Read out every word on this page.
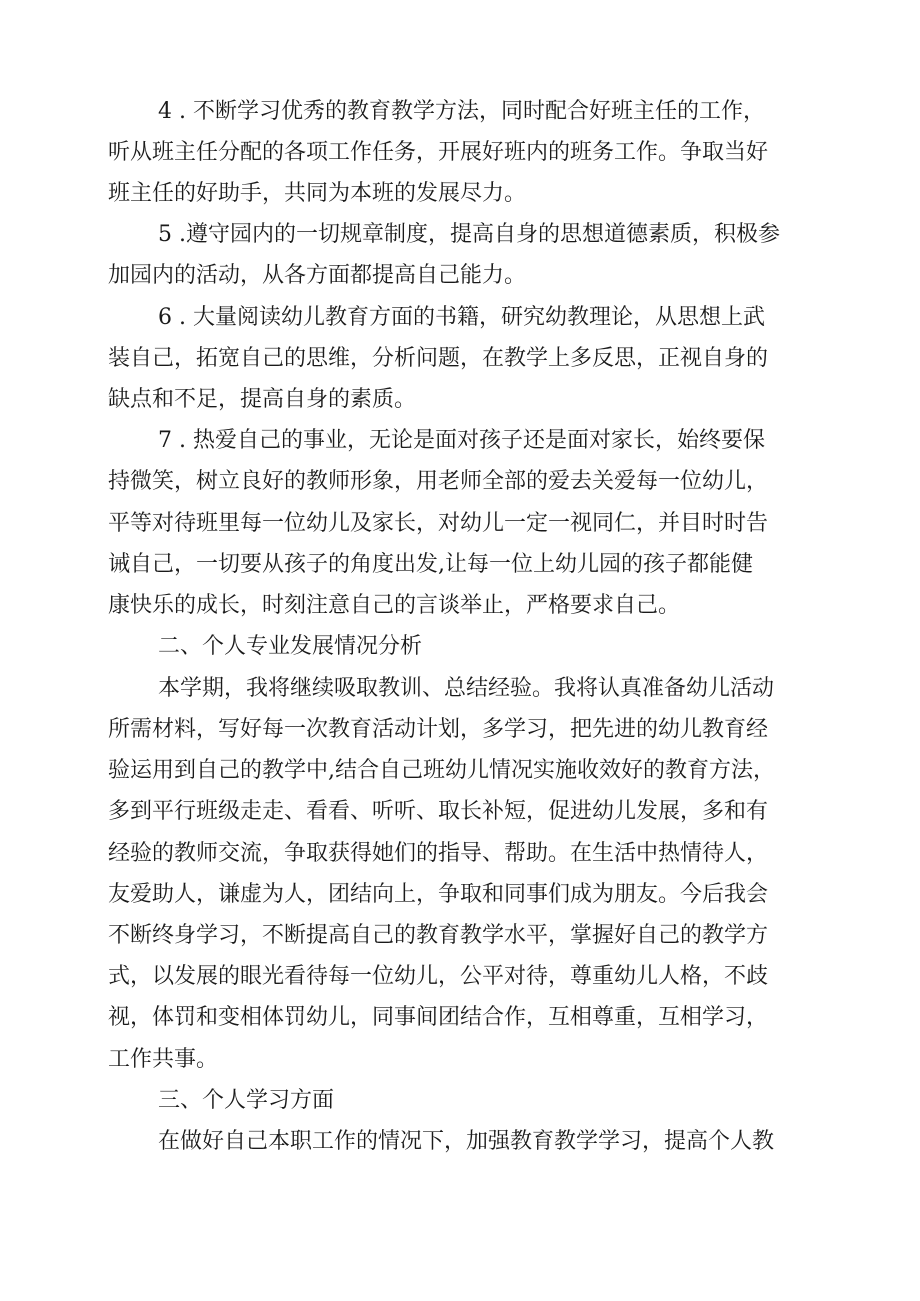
4 . 不断学习优秀的教育教学方法，同时配合好班主任的工作，
听从班主任分配的各项工作任务，开展好班内的班务工作。争取当好
班主任的好助手，共同为本班的发展尽力。
5 .遵守园内的一切规章制度，提高自身的思想道德素质，积极参
加园内的活动，从各方面都提高自己能力。
6 . 大量阅读幼儿教育方面的书籍，研究幼教理论，从思想上武
装自己，拓宽自己的思维，分析问题，在教学上多反思，正视自身的
缺点和不足，提高自身的素质。
7 . 热爱自己的事业，无论是面对孩子还是面对家长，始终要保
持微笑，树立良好的教师形象，用老师全部的爱去关爱每一位幼儿，
平等对待班里每一位幼儿及家长，对幼儿一定一视同仁，并目时时告
诫自己，一切要从孩子的角度出发,让每一位上幼儿园的孩子都能健
康快乐的成长，时刻注意自己的言谈举止，严格要求自己。
二、个人专业发展情况分析
本学期，我将继续吸取教训、总结经验。我将认真准备幼儿活动
所需材料，写好每一次教育活动计划，多学习，把先进的幼儿教育经
验运用到自己的教学中,结合自己班幼儿情况实施收效好的教育方法，
多到平行班级走走、看看、听听、取长补短，促进幼儿发展，多和有
经验的教师交流，争取获得她们的指导、帮助。在生活中热情待人，
友爱助人，谦虚为人，团结向上，争取和同事们成为朋友。今后我会
不断终身学习，不断提高自己的教育教学水平，掌握好自己的教学方
式，以发展的眼光看待每一位幼儿，公平对待，尊重幼儿人格，不歧
视，体罚和变相体罚幼儿，同事间团结合作，互相尊重，互相学习，
工作共事。
三、个人学习方面
在做好自己本职工作的情况下，加强教育教学学习，提高个人教
